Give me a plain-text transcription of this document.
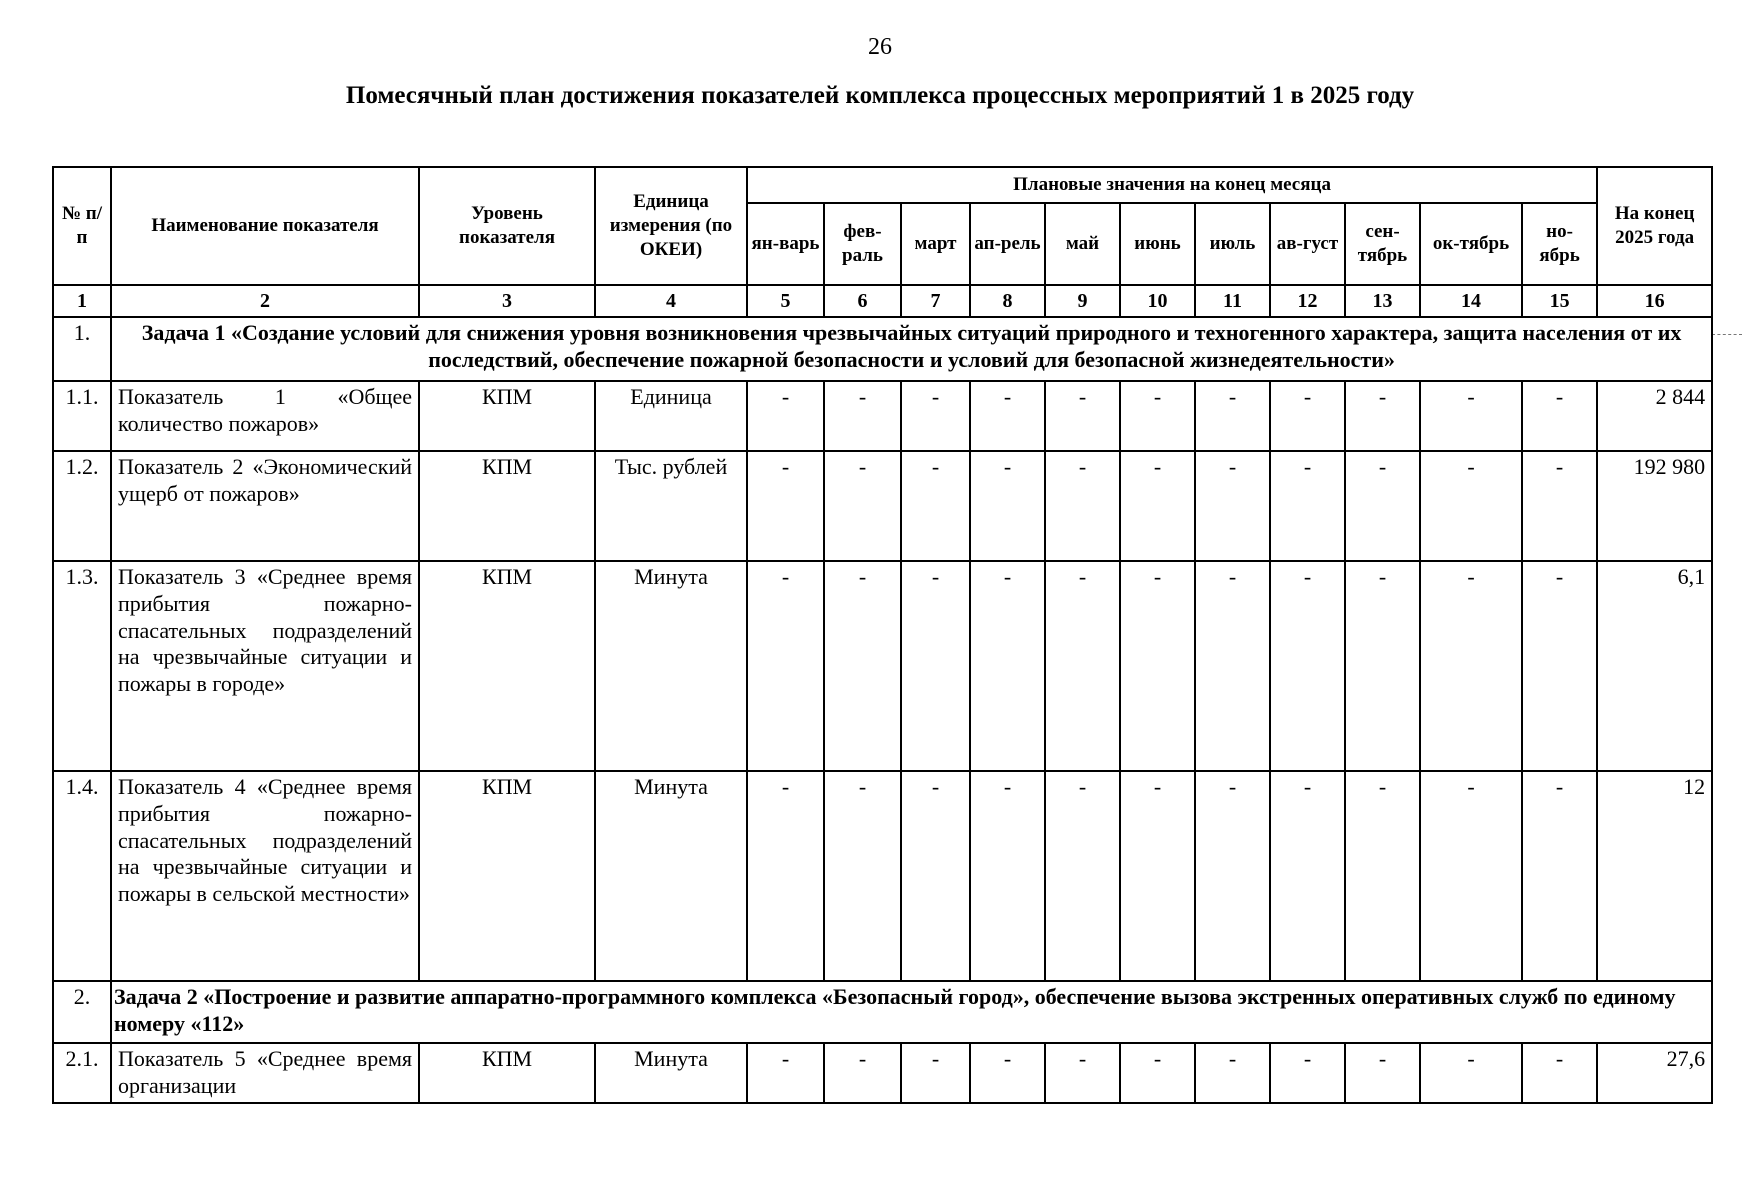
26
Помесячный план достижения показателей комплекса процессных мероприятий 1 в 2025 году
№ п/п	Наименование показателя	Уровень показателя	Единица измерения (по ОКЕИ)	Плановые значения на конец месяца											На конец 2025 года
				ян-варь	фев-раль	март	ап-рель	май	июнь	июль	ав-густ	сен-тябрь	ок-тябрь	но-ябрь	
1	2	3	4	5	6	7	8	9	10	11	12	13	14	15	16
1.	Задача 1 «Создание условий для снижения уровня возникновения чрезвычайных ситуаций природного и техногенного характера, защита населения от их последствий, обеспечение пожарной безопасности и условий для безопасной жизнедеятельности»														
1.1.	Показатель 1 «Общее количество пожаров»	КПМ	Единица	-	-	-	-	-	-	-	-	-	-	-	2 844
1.2.	Показатель 2 «Экономический ущерб от пожаров»	КПМ	Тыс. рублей	-	-	-	-	-	-	-	-	-	-	-	192 980
1.3.	Показатель 3 «Среднее время прибытия пожарно-спасательных подразделений на чрезвычайные ситуации и пожары в городе»	КПМ	Минута	-	-	-	-	-	-	-	-	-	-	-	6,1
1.4.	Показатель 4 «Среднее время прибытия пожарно-спасательных подразделений на чрезвычайные ситуации и пожары в сельской местности»	КПМ	Минута	-	-	-	-	-	-	-	-	-	-	-	12
2.	Задача 2 «Построение и развитие аппаратно-программного комплекса «Безопасный город», обеспечение вызова экстренных оперативных служб по единому номеру «112»														
2.1.	Показатель 5 «Среднее время организации	КПМ	Минута	-	-	-	-	-	-	-	-	-	-	-	27,6
